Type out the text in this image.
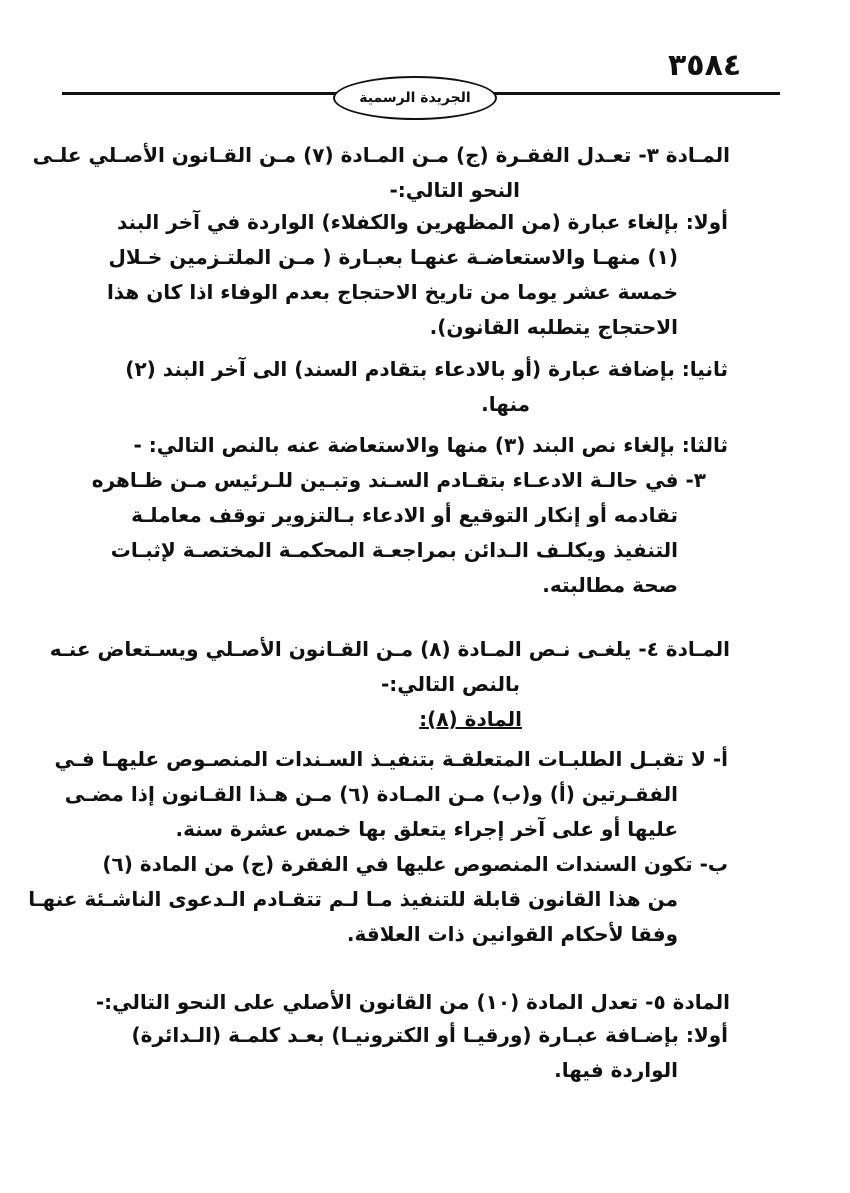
٣٥٨٤
الجريدة الرسمية
المـادة ٣- تعـدل الفقـرة (ج) مـن المـادة (٧) مـن القـانون الأصـلي علـى
النحو التالي:-
أولا: بإلغاء عبارة (من المظهرين والكفلاء) الواردة في آخر البند
(١) منهـا والاستعاضـة عنهـا بعبـارة ( مـن الملتـزمين خـلال
خمسة عشر يوما من تاريخ الاحتجاج بعدم الوفاء اذا كان هذا
الاحتجاج يتطلبه القانون).
ثانيا: بإضافة عبارة (أو بالادعاء بتقادم السند) الى آخر البند (٢)
منها.
ثالثا: بإلغاء نص البند (٣) منها والاستعاضة عنه بالنص التالي: -
٣- في حالـة الادعـاء بتقـادم السـند وتبـين للـرئيس مـن ظـاهره
تقادمه أو إنكار التوقيع أو الادعاء بـالتزوير توقف معاملـة
التنفيذ ويكلـف الـدائن بمراجعـة المحكمـة المختصـة لإثبـات
صحة مطالبته.
المـادة ٤- يلغـى نـص المـادة (٨) مـن القـانون الأصـلي ويسـتعاض عنـه
بالنص التالي:-
المادة (٨):
أ- لا تقبـل الطلبـات المتعلقـة بتنفيـذ السـندات المنصـوص عليهـا فـي
الفقـرتين (أ) و(ب) مـن المـادة (٦) مـن هـذا القـانون إذا مضـى
عليها أو على آخر إجراء يتعلق بها خمس عشرة سنة.
ب- تكون السندات المنصوص عليها في الفقرة (ج) من المادة (٦)
من هذا القانون قابلة للتنفيذ مـا لـم تتقـادم الـدعوى الناشـئة عنهـا
وفقا لأحكام القوانين ذات العلاقة.
المادة ٥- تعدل المادة (١٠) من القانون الأصلي على النحو التالي:-
أولا: بإضـافة عبـارة (ورقيـا أو الكترونيـا) بعـد كلمـة (الـدائرة)
الواردة فيها.
